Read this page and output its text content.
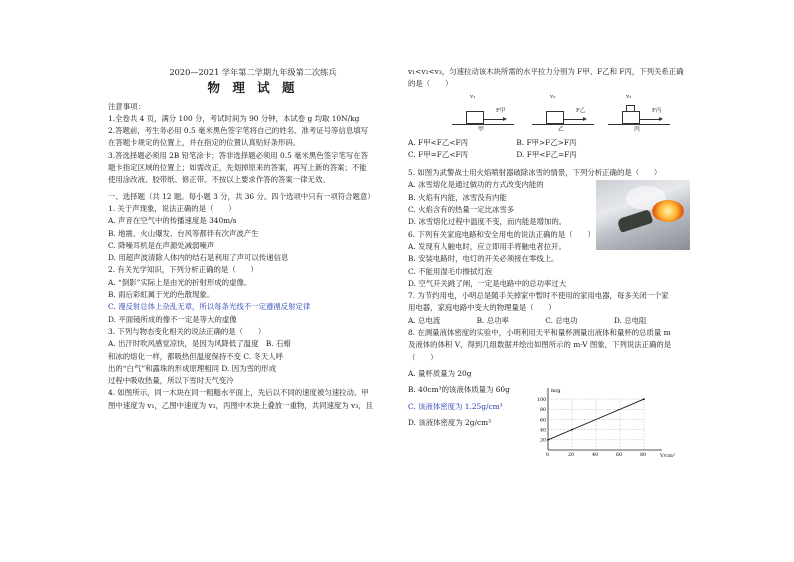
2020—2021 学年第二学期九年级第二次练兵
物 理 试 题
注意事项：
1.全卷共 4 页，满分 100 分，考试时间为 90 分钟，本试卷 g 均取 10N/kg
2.答题前，考生务必用 0.5 毫米黑色签字笔将自己的姓名、准考证号等信息填写
在答题卡规定的位置上，并在指定的位置认真贴好条形码。
3.答选择题必须用 2B 铅笔涂卡；答非选择题必须用 0.5 毫米黑色签字笔写在答
题卡指定区域的位置上；如需改正，先划掉原来的答案，再写上新的答案；不能
使用涂改液、胶带纸、修正带。不按以上要求作答的答案一律无效。
一、选择题（共 12 题。每小题 3 分，共 36 分。四个选项中只有一项符合题意）
1. 关于声现象，说法正确的是（　　）
A. 声音在空气中的传播速度是 340m/s
B. 地震、火山爆发、台风等都伴有次声波产生
C. 降噪耳机是在声源处减弱噪声
D. 用超声波清除人体内的结石是利用了声可以传递信息
2. 有关光学知识，下列分析正确的是（　　）
A. “倒影”实际上是由光的折射形成的虚像。
B. 雨后彩虹属于光的色散现象。
C. 漫反射总体上杂乱无章，所以每条光线不一定遵循反射定律
D. 平面镜所成的像不一定是等大的虚像
3. 下列与物态变化相关的说法正确的是（　　）
A. 出汗时吹风感觉凉快，是因为风降低了温度　B. 石蜡
和冰的熔化一样，都吸热但温度保持不变 C. 冬天人呼
出的“白气”和露珠的形成原理相同 D. 因为雪的形成
过程中吸收热量，所以下雪时天气变冷
4. 如图所示，同一木块在同一粗糙水平面上，先后以不同的速度被匀速拉动。甲
图中速度为 v₁，乙图中速度为 v₂，丙图中木块上叠放一重物，共同速度为 v₃，且
v₁<v₂<v₃，匀速拉动该木块所需的水平拉力分别为 F甲、F乙和 F丙，下列关系正确
的是（　　）
v₁
F甲
甲
v₂
F乙
乙
v₃
F丙
丙
A. F甲<F乙<F丙	B. F甲>F乙>F丙
C. F甲=F乙<F丙	D. F甲<F乙=F丙
5. 如图为武警战士用火焰喷射器破除冰雪的情景，下列分析正确的是（　　）
A. 冰雪熔化是通过做功的方式改变内能的
B. 火焰有内能，冰雪没有内能
C. 火焰含有的热量一定比冰雪多
D. 冰雪熔化过程中温度不变，而内能是增加的。
6. 下列有关家庭电路和安全用电的说法正确的是（　　）
A. 发现有人触电时，应立即用手将触电者拉开。
B. 安装电路时，电灯的开关必须接在零线上。
C. 不能用湿毛巾擦拭灯泡
D. 空气开关跳了闸，一定是电路中的总功率过大
7. 为节约用电，小明总是随手关掉家中暂时不使用的家用电器，每多关闭一个家
用电器，家庭电路中变大的物理量是（　　）
A. 总电流	B. 总功率	C. 总电功	D. 总电阻
8. 在测量液体密度的实验中，小明利用天平和量杯测量出液体和量杯的总质量 m
及液体的体积 V，得到几组数据并绘出如图所示的 m-V 图象，下列说法正确的是
（　　）
A. 量杯质量为 20g
B. 40cm³的该液体质量为 60g
C. 该液体密度为 1.25g/cm³
D. 该液体密度为 2g/cm³
V/cm³
m/g
0	20	40	60	80
20
40
60
80
100
